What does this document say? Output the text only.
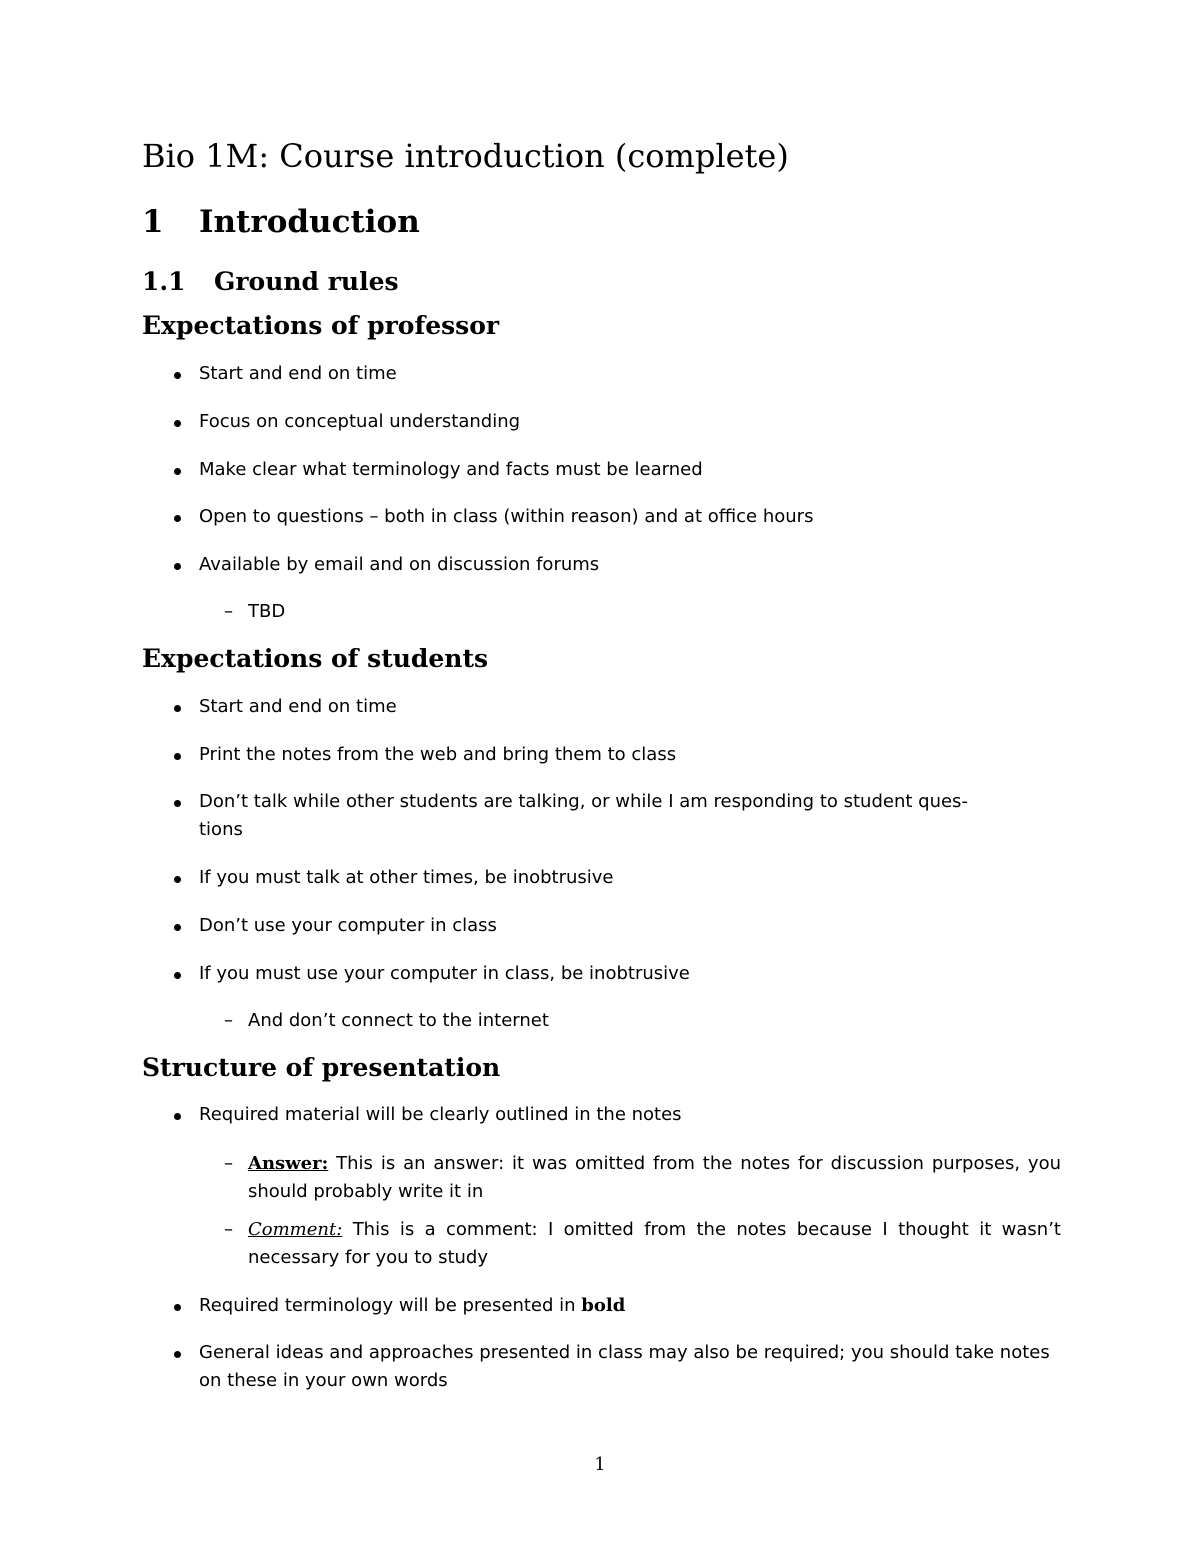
Bio 1M: Course introduction (complete)
1 Introduction
1.1 Ground rules
Expectations of professor
Start and end on time
Focus on conceptual understanding
Make clear what terminology and facts must be learned
Open to questions – both in class (within reason) and at office hours
Available by email and on discussion forums
– TBD
Expectations of students
Start and end on time
Print the notes from the web and bring them to class
Don’t talk while other students are talking, or while I am responding to student ques-
tions
If you must talk at other times, be inobtrusive
Don’t use your computer in class
If you must use your computer in class, be inobtrusive
– And don’t connect to the internet
Structure of presentation
Required material will be clearly outlined in the notes
– Answer: This is an answer: it was omitted from the notes for discussion purposes, you should probably write it in
– Comment: This is a comment: I omitted from the notes because I thought it wasn’t necessary for you to study
Required terminology will be presented in bold
General ideas and approaches presented in class may also be required; you should take notes on these in your own words
1
